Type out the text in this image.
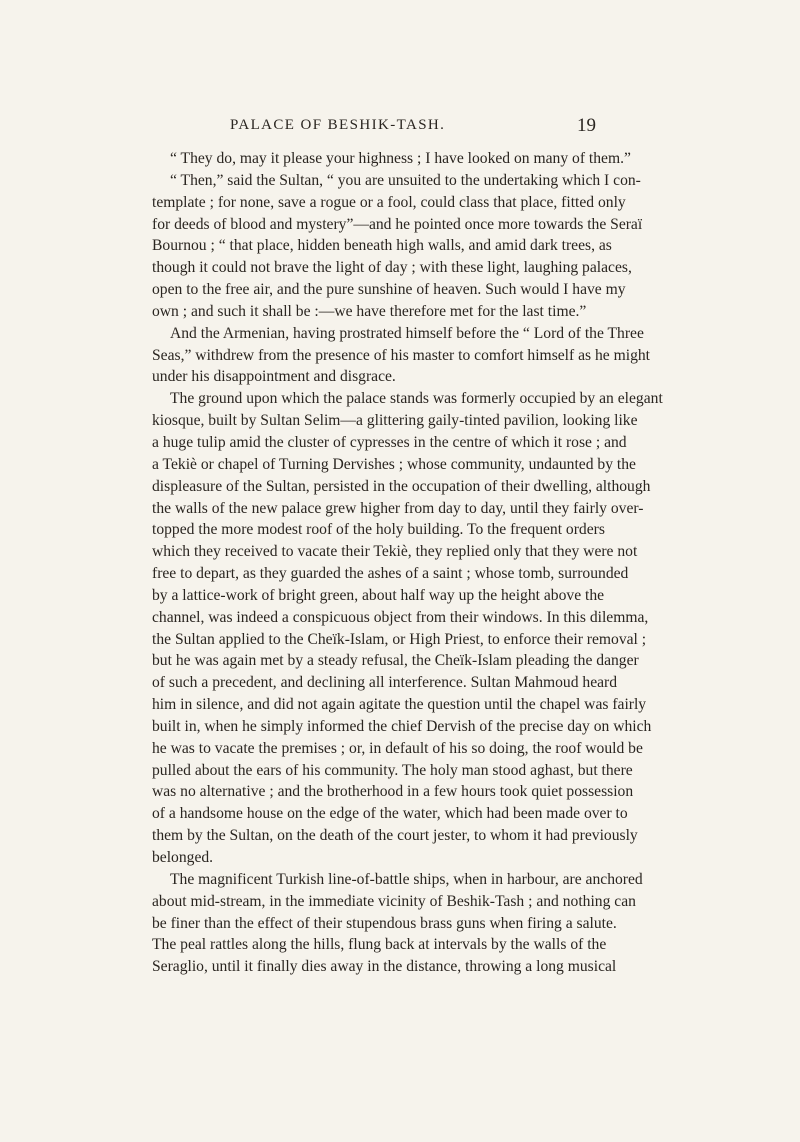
PALACE OF BESHIK-TASH.	19
“ They do, may it please your highness ; I have looked on many of them.”
“ Then,” said the Sultan, “ you are unsuited to the undertaking which I con-
template ; for none, save a rogue or a fool, could class that place, fitted only
for deeds of blood and mystery”—and he pointed once more towards the Seraï
Bournou ; “ that place, hidden beneath high walls, and amid dark trees, as
though it could not brave the light of day ; with these light, laughing palaces,
open to the free air, and the pure sunshine of heaven. Such would I have my
own ; and such it shall be :—we have therefore met for the last time.”
And the Armenian, having prostrated himself before the “ Lord of the Three
Seas,” withdrew from the presence of his master to comfort himself as he might
under his disappointment and disgrace.
The ground upon which the palace stands was formerly occupied by an elegant
kiosque, built by Sultan Selim—a glittering gaily-tinted pavilion, looking like
a huge tulip amid the cluster of cypresses in the centre of which it rose ; and
a Tekiè or chapel of Turning Dervishes ; whose community, undaunted by the
displeasure of the Sultan, persisted in the occupation of their dwelling, although
the walls of the new palace grew higher from day to day, until they fairly over-
topped the more modest roof of the holy building. To the frequent orders
which they received to vacate their Tekiè, they replied only that they were not
free to depart, as they guarded the ashes of a saint ; whose tomb, surrounded
by a lattice-work of bright green, about half way up the height above the
channel, was indeed a conspicuous object from their windows. In this dilemma,
the Sultan applied to the Cheïk-Islam, or High Priest, to enforce their removal ;
but he was again met by a steady refusal, the Cheïk-Islam pleading the danger
of such a precedent, and declining all interference. Sultan Mahmoud heard
him in silence, and did not again agitate the question until the chapel was fairly
built in, when he simply informed the chief Dervish of the precise day on which
he was to vacate the premises ; or, in default of his so doing, the roof would be
pulled about the ears of his community. The holy man stood aghast, but there
was no alternative ; and the brotherhood in a few hours took quiet possession
of a handsome house on the edge of the water, which had been made over to
them by the Sultan, on the death of the court jester, to whom it had previously
belonged.
The magnificent Turkish line-of-battle ships, when in harbour, are anchored
about mid-stream, in the immediate vicinity of Beshik-Tash ; and nothing can
be finer than the effect of their stupendous brass guns when firing a salute.
The peal rattles along the hills, flung back at intervals by the walls of the
Seraglio, until it finally dies away in the distance, throwing a long musical
